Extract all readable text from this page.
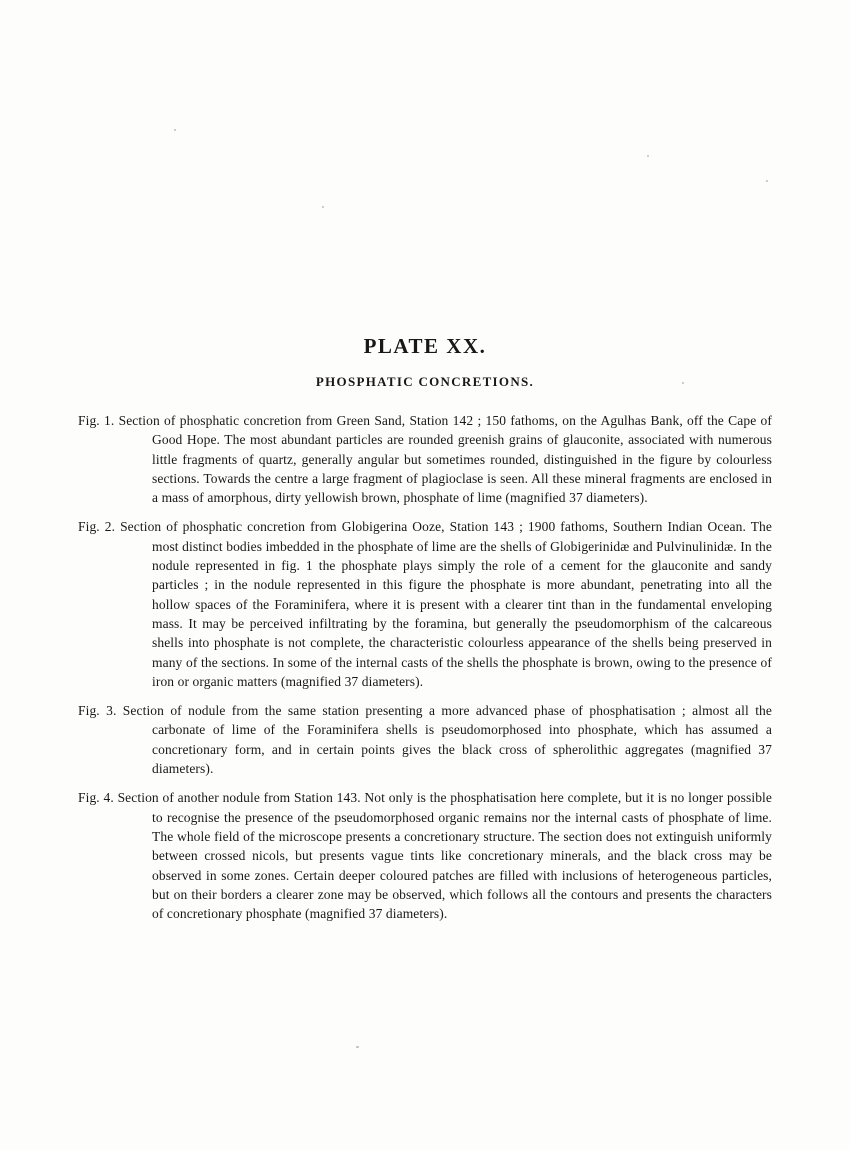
PLATE XX.
PHOSPHATIC CONCRETIONS.

Fig. 1. Section of phosphatic concretion from Green Sand, Station 142 ; 150 fathoms, on the Agulhas Bank, off the Cape of Good Hope. The most abundant particles are rounded greenish grains of glauconite, associated with numerous little fragments of quartz, generally angular but sometimes rounded, distinguished in the figure by colourless sections. Towards the centre a large fragment of plagioclase is seen. All these mineral fragments are enclosed in a mass of amorphous, dirty yellowish brown, phosphate of lime (magnified 37 diameters).

Fig. 2. Section of phosphatic concretion from Globigerina Ooze, Station 143 ; 1900 fathoms, Southern Indian Ocean. The most distinct bodies imbedded in the phosphate of lime are the shells of Globigerinidæ and Pulvinulinidæ. In the nodule represented in fig. 1 the phosphate plays simply the role of a cement for the glauconite and sandy particles ; in the nodule represented in this figure the phosphate is more abundant, penetrating into all the hollow spaces of the Foraminifera, where it is present with a clearer tint than in the fundamental enveloping mass. It may be perceived infiltrating by the foramina, but generally the pseudomorphism of the calcareous shells into phosphate is not complete, the characteristic colourless appearance of the shells being preserved in many of the sections. In some of the internal casts of the shells the phosphate is brown, owing to the presence of iron or organic matters (magnified 37 diameters).

Fig. 3. Section of nodule from the same station presenting a more advanced phase of phosphatisation ; almost all the carbonate of lime of the Foraminifera shells is pseudomorphosed into phosphate, which has assumed a concretionary form, and in certain points gives the black cross of spherolithic aggregates (magnified 37 diameters).

Fig. 4. Section of another nodule from Station 143. Not only is the phosphatisation here complete, but it is no longer possible to recognise the presence of the pseudomorphosed organic remains nor the internal casts of phosphate of lime. The whole field of the microscope presents a concretionary structure. The section does not extinguish uniformly between crossed nicols, but presents vague tints like concretionary minerals, and the black cross may be observed in some zones. Certain deeper coloured patches are filled with inclusions of heterogeneous particles, but on their borders a clearer zone may be observed, which follows all the contours and presents the characters of concretionary phosphate (magnified 37 diameters).
